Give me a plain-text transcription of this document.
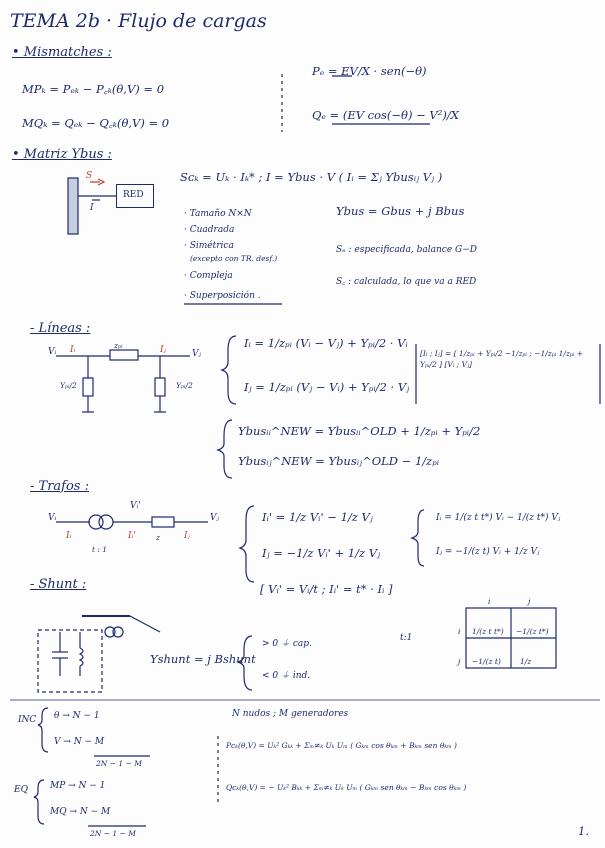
TEMA 2b · Flujo de cargas
• Mismatches :
MPₖ = Pₑₖ − P꜀ₖ(θ,V) = 0
MQₖ = Qₑₖ − Q꜀ₖ(θ,V) = 0
Pₑ = EV/X · sen(−θ)
Qₑ = (EV cos(−θ) − V²)/X
• Matriz Ybus :
RED
S
I
Sᴄₖ = Uₖ · Iₖ* ; I = Ybus · V ( Iᵢ = Σⱼ Ybusᵢⱼ Vⱼ )
· Tamaño N×N
· Cuadrada
· Simétrica
(excepto con TR. desf.)
· Compleja
· Superposición .
Ybus = Gbus + j Bbus
Sₑ : especificada, balance G−D
S꜀ : calculada, lo que va a RED
- Líneas :
Vᵢ Iᵢ	zₚᵢ	Iⱼ	Vⱼ
Yₚᵢ/2	Yₚᵢ/2
Iᵢ = 1/zₚᵢ (Vᵢ − Vⱼ) + Yₚᵢ/2 · Vᵢ
Iⱼ = 1/zₚᵢ (Vⱼ − Vᵢ) + Yₚᵢ/2 · Vⱼ
[Iᵢ ; Iⱼ] = [ 1/zₚᵢ + Yₚᵢ/2 −1/zₚᵢ ; −1/zₚᵢ 1/zₚᵢ + Yₚᵢ/2 ] [Vᵢ ; Vⱼ]
Ybusᵢᵢ^NEW = Ybusᵢᵢ^OLD + 1/zₚᵢ + Yₚᵢ/2
Ybusᵢⱼ^NEW = Ybusᵢⱼ^OLD − 1/zₚᵢ
- Trafos :
Vᵢ
Vᵢ'
Iᵢ	Iᵢ'
t : 1
z	Iⱼ
Vⱼ	Iᵢ' = 1/z Vᵢ' − 1/z Vⱼ
Iⱼ = −1/z Vᵢ' + 1/z Vⱼ
[ Vᵢ' = Vᵢ/t ; Iᵢ' = t* · Iᵢ ]
Iᵢ = 1/(z t t*) Vᵢ − 1/(z t*) Vⱼ
Iⱼ = −1/(z t) Vᵢ + 1/z Vⱼ
- Shunt :
Yshunt = j Bshunt
> 0 ⏚ cap.
< 0 ⏚ ind.
t:1
i	j
i 1/(z t t*) −1/(z t*)
j −1/(z t)	1/z
INC θ → N − 1
V → N − M
2N − 1 − M
N nudos ; M generadores
Pᴄₖ(θ,V) = Uₖ² Gₖₖ + Σₘ≠ₖ Uₖ Uₘ ( Gₖₘ cos θₖₘ + Bₖₘ sen θₖₘ )
Qᴄₖ(θ,V) = − Uₖ² Bₖₖ + Σₘ≠ₖ Uₖ Uₘ ( Gₖₘ sen θₖₘ − Bₖₘ cos θₖₘ )
EQ MP → N − 1
MQ → N − M
2N − 1 − M	1.
